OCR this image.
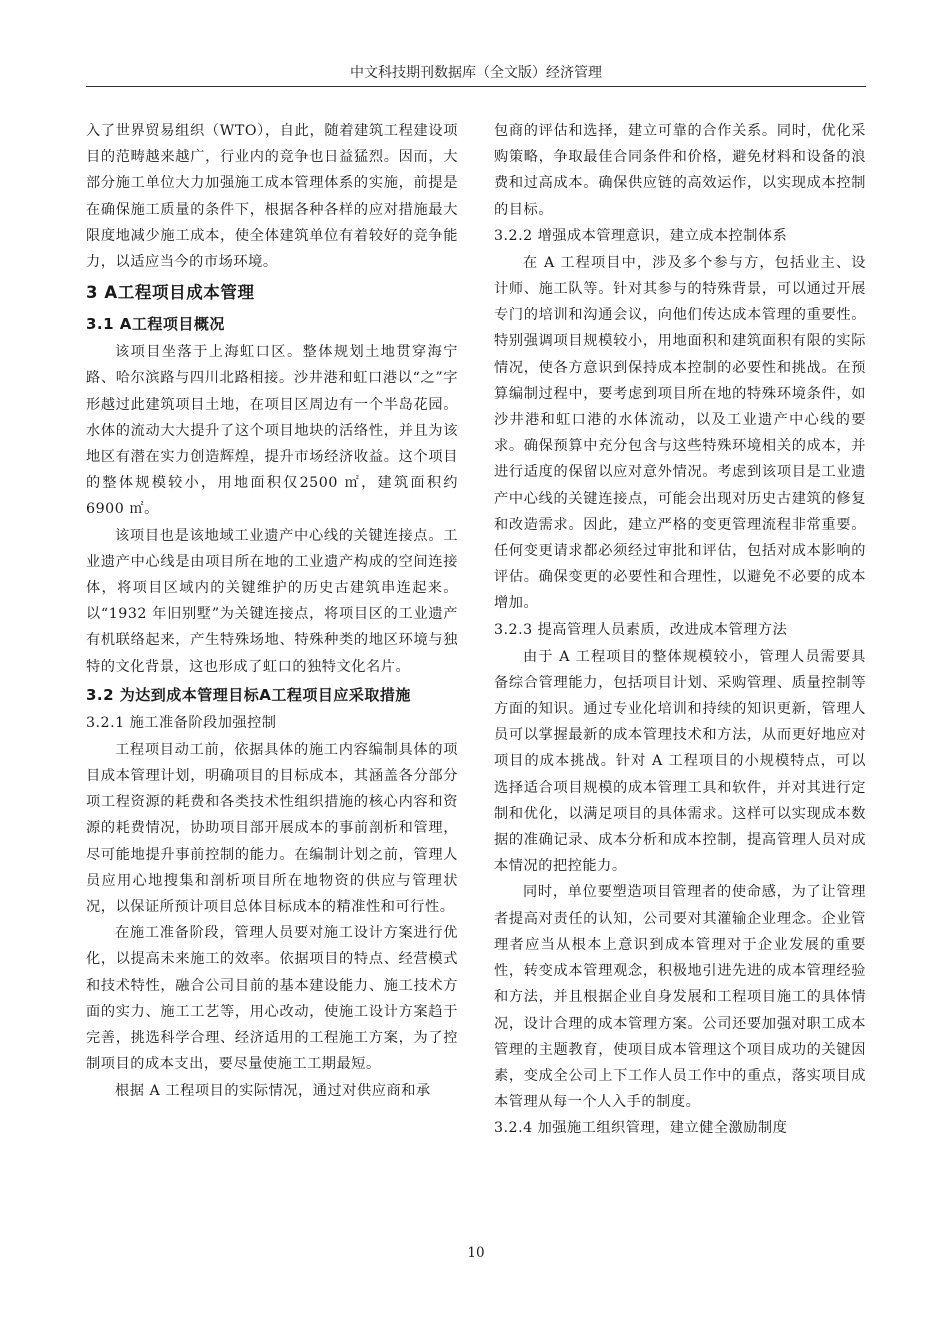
中文科技期刊数据库（全文版）经济管理

入了世界贸易组织（WTO），自此，随着建筑工程建设项目的范畴越来越广，行业内的竞争也日益猛烈。因而，大部分施工单位大力加强施工成本管理体系的实施，前提是在确保施工质量的条件下，根据各种各样的应对措施最大限度地减少施工成本，使全体建筑单位有着较好的竞争能力，以适应当今的市场环境。

3 A工程项目成本管理
3.1 A工程项目概况

该项目坐落于上海虹口区。整体规划土地贯穿海宁路、哈尔滨路与四川北路相接。沙井港和虹口港以“之”字形越过此建筑项目土地，在项目区周边有一个半岛花园。水体的流动大大提升了这个项目地块的活络性，并且为该地区有潜在实力创造辉煌，提升市场经济收益。这个项目的整体规模较小，用地面积仅2500 ㎡，建筑面积约 6900 ㎡。

该项目也是该地域工业遗产中心线的关键连接点。工业遗产中心线是由项目所在地的工业遗产构成的空间连接体，将项目区域内的关键维护的历史古建筑串连起来。以“1932 年旧别墅”为关键连接点，将项目区的工业遗产有机联络起来，产生特殊场地、特殊种类的地区环境与独特的文化背景，这也形成了虹口的独特文化名片。

3.2 为达到成本管理目标A工程项目应采取措施
3.2.1 施工准备阶段加强控制

工程项目动工前，依据具体的施工内容编制具体的项目成本管理计划，明确项目的目标成本，其涵盖各分部分项工程资源的耗费和各类技术性组织措施的核心内容和资源的耗费情况，协助项目部开展成本的事前剖析和管理，尽可能地提升事前控制的能力。在编制计划之前，管理人员应用心地搜集和剖析项目所在地物资的供应与管理状况，以保证所预计项目总体目标成本的精准性和可行性。

在施工准备阶段，管理人员要对施工设计方案进行优化，以提高未来施工的效率。依据项目的特点、经营模式和技术特性，融合公司目前的基本建设能力、施工技术方面的实力、施工工艺等，用心改动，使施工设计方案趋于完善，挑选科学合理、经济适用的工程施工方案，为了控制项目的成本支出，要尽量使施工工期最短。

根据 A 工程项目的实际情况，通过对供应商和承

包商的评估和选择，建立可靠的合作关系。同时，优化采购策略，争取最佳合同条件和价格，避免材料和设备的浪费和过高成本。确保供应链的高效运作，以实现成本控制的目标。

3.2.2 增强成本管理意识，建立成本控制体系

在 A 工程项目中，涉及多个参与方，包括业主、设计师、施工队等。针对其参与的特殊背景，可以通过开展专门的培训和沟通会议，向他们传达成本管理的重要性。特别强调项目规模较小，用地面积和建筑面积有限的实际情况，使各方意识到保持成本控制的必要性和挑战。在预算编制过程中，要考虑到项目所在地的特殊环境条件，如沙井港和虹口港的水体流动，以及工业遗产中心线的要求。确保预算中充分包含与这些特殊环境相关的成本，并进行适度的保留以应对意外情况。考虑到该项目是工业遗产中心线的关键连接点，可能会出现对历史古建筑的修复和改造需求。因此，建立严格的变更管理流程非常重要。任何变更请求都必须经过审批和评估，包括对成本影响的评估。确保变更的必要性和合理性，以避免不必要的成本增加。

3.2.3 提高管理人员素质，改进成本管理方法

由于 A 工程项目的整体规模较小，管理人员需要具备综合管理能力，包括项目计划、采购管理、质量控制等方面的知识。通过专业化培训和持续的知识更新，管理人员可以掌握最新的成本管理技术和方法，从而更好地应对项目的成本挑战。针对 A 工程项目的小规模特点，可以选择适合项目规模的成本管理工具和软件，并对其进行定制和优化，以满足项目的具体需求。这样可以实现成本数据的准确记录、成本分析和成本控制，提高管理人员对成本情况的把控能力。

同时，单位要塑造项目管理者的使命感，为了让管理者提高对责任的认知，公司要对其灌输企业理念。企业管理者应当从根本上意识到成本管理对于企业发展的重要性，转变成本管理观念，积极地引进先进的成本管理经验和方法，并且根据企业自身发展和工程项目施工的具体情况，设计合理的成本管理方案。公司还要加强对职工成本管理的主题教育，使项目成本管理这个项目成功的关键因素，变成全公司上下工作人员工作中的重点，落实项目成本管理从每一个人入手的制度。

3.2.4 加强施工组织管理，建立健全激励制度
10
